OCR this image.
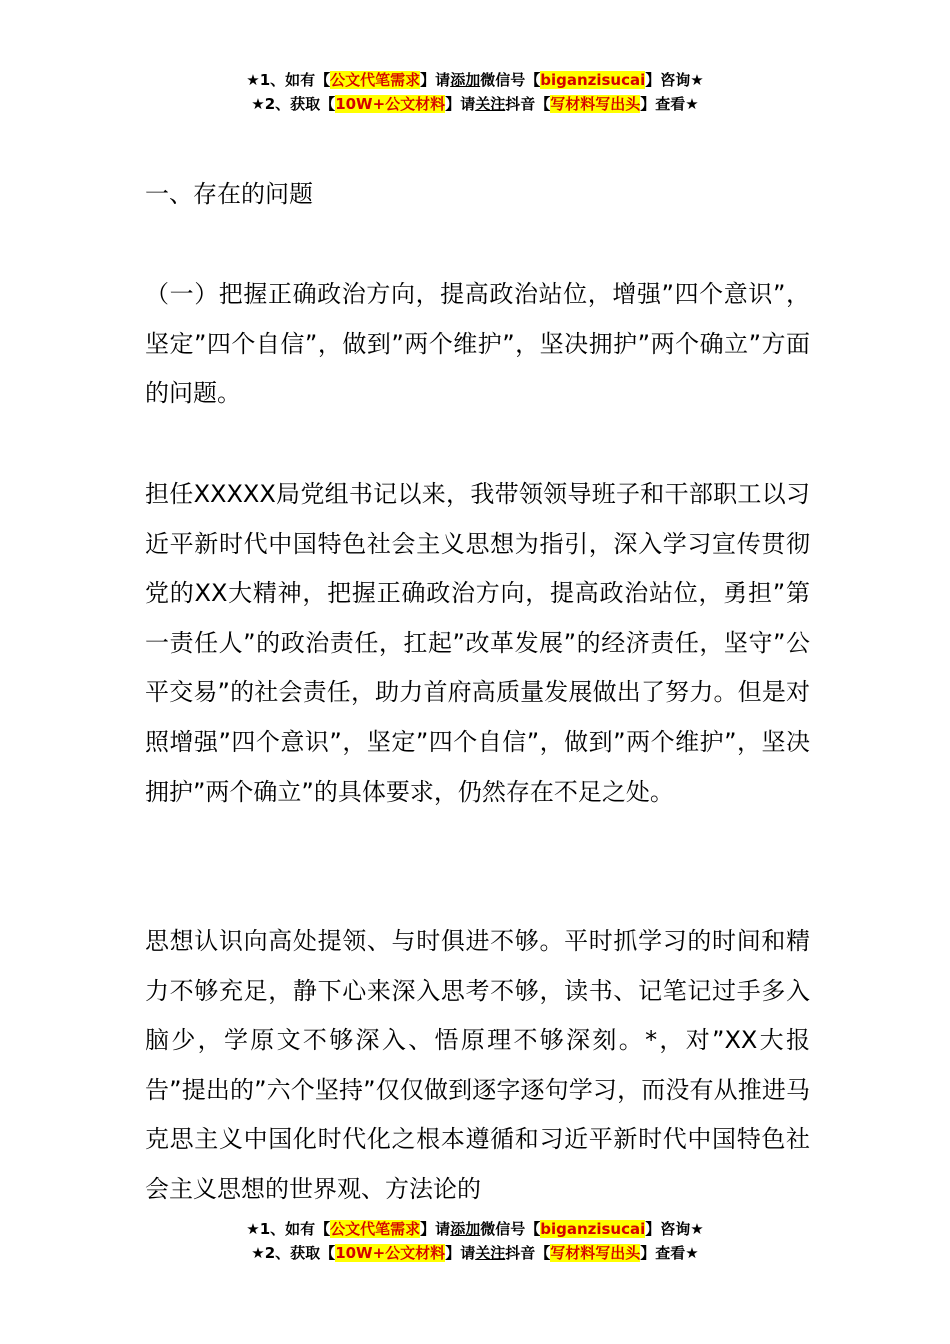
★1、如有【公文代笔需求】请添加微信号【biganzisucai】咨询★
★2、获取【10W+公文材料】请关注抖音【写材料写出头】查看★
一、存在的问题
（一）把握正确政治方向，提高政治站位，增强”四个意识”，坚定”四个自信”，做到”两个维护”，坚决拥护”两个确立”方面的问题。
担任XXXXX局党组书记以来，我带领领导班子和干部职工以习近平新时代中国特色社会主义思想为指引，深入学习宣传贯彻党的XX大精神，把握正确政治方向，提高政治站位，勇担”第一责任人”的政治责任，扛起”改革发展”的经济责任，坚守”公平交易”的社会责任，助力首府高质量发展做出了努力。但是对照增强”四个意识”，坚定”四个自信”，做到”两个维护”，坚决拥护”两个确立”的具体要求，仍然存在不足之处。
思想认识向高处提领、与时俱进不够。平时抓学习的时间和精力不够充足，静下心来深入思考不够，读书、记笔记过手多入脑少，学原文不够深入、悟原理不够深刻。*，对”XX大报告”提出的”六个坚持”仅仅做到逐字逐句学习，而没有从推进马克思主义中国化时代化之根本遵循和习近平新时代中国特色社会主义思想的世界观、方法论的
★1、如有【公文代笔需求】请添加微信号【biganzisucai】咨询★
★2、获取【10W+公文材料】请关注抖音【写材料写出头】查看★
